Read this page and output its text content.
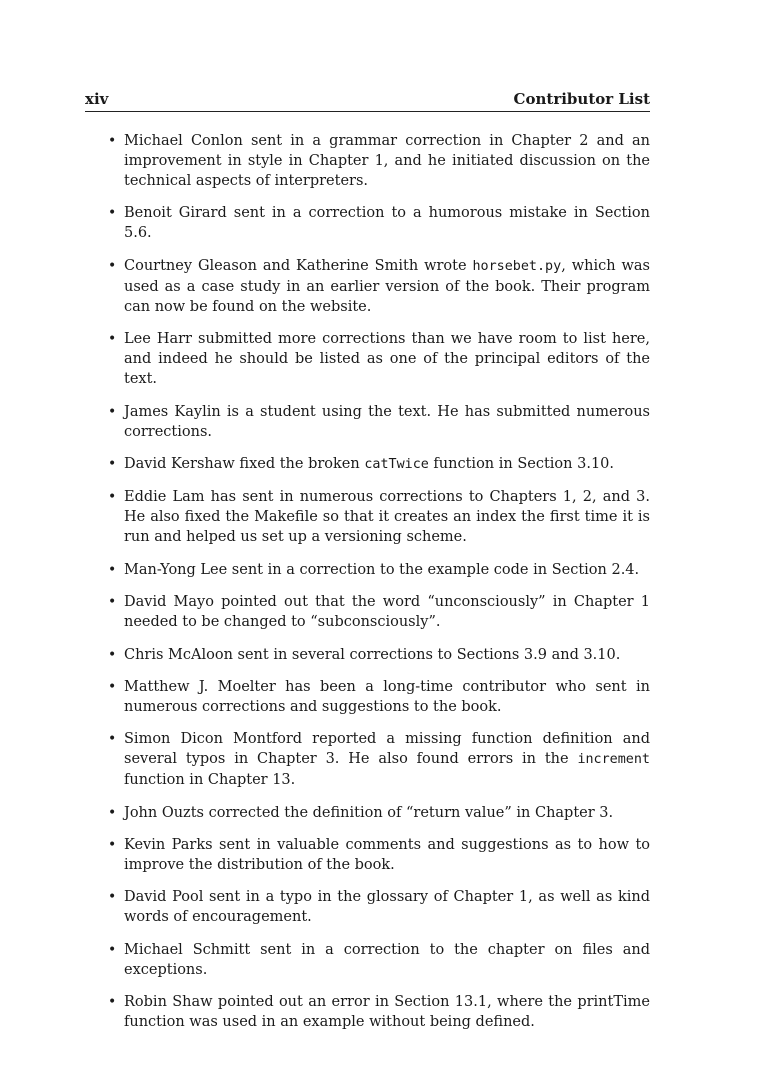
xiv	Contributor List
• Michael Conlon sent in a grammar correction in Chapter 2 and an improvement in style in Chapter 1, and he initiated discussion on the technical aspects of interpreters.
• Benoit Girard sent in a correction to a humorous mistake in Section 5.6.
• Courtney Gleason and Katherine Smith wrote horsebet.py, which was used as a case study in an earlier version of the book. Their program can now be found on the website.
• Lee Harr submitted more corrections than we have room to list here, and indeed he should be listed as one of the principal editors of the text.
• James Kaylin is a student using the text. He has submitted numerous corrections.
• David Kershaw fixed the broken catTwice function in Section 3.10.
• Eddie Lam has sent in numerous corrections to Chapters 1, 2, and 3. He also fixed the Makefile so that it creates an index the first time it is run and helped us set up a versioning scheme.
• Man-Yong Lee sent in a correction to the example code in Section 2.4.
• David Mayo pointed out that the word “unconsciously” in Chapter 1 needed to be changed to “subconsciously”.
• Chris McAloon sent in several corrections to Sections 3.9 and 3.10.
• Matthew J. Moelter has been a long-time contributor who sent in numerous corrections and suggestions to the book.
• Simon Dicon Montford reported a missing function definition and several typos in Chapter 3. He also found errors in the increment function in Chapter 13.
• John Ouzts corrected the definition of “return value” in Chapter 3.
• Kevin Parks sent in valuable comments and suggestions as to how to improve the distribution of the book.
• David Pool sent in a typo in the glossary of Chapter 1, as well as kind words of encouragement.
• Michael Schmitt sent in a correction to the chapter on files and exceptions.
• Robin Shaw pointed out an error in Section 13.1, where the printTime function was used in an example without being defined.
